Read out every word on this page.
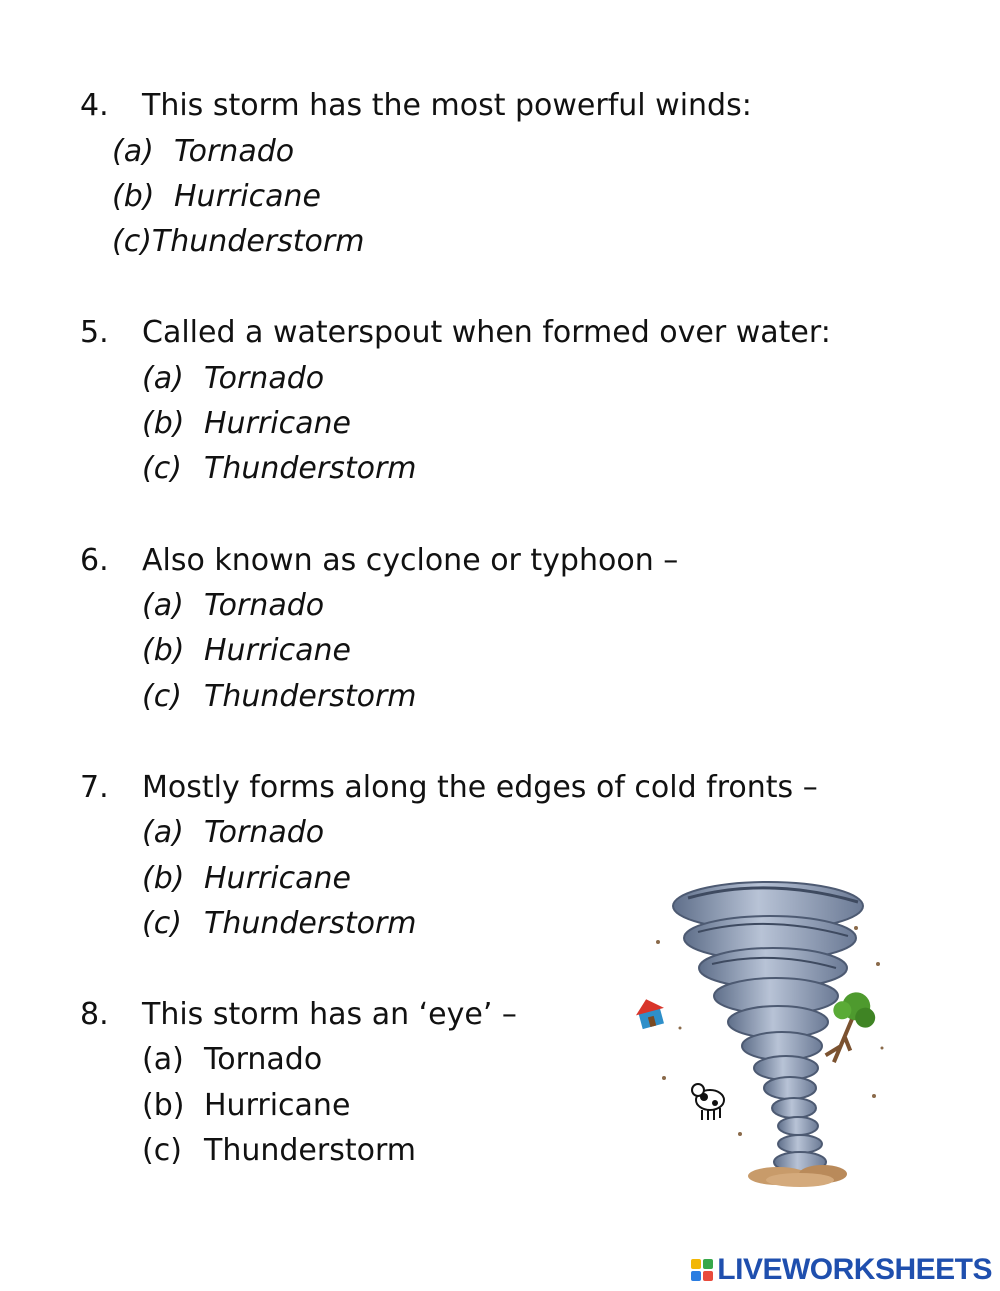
4. This storm has the most powerful winds:
(a) Tornado
(b) Hurricane
(c)Thunderstorm
5. Called a waterspout when formed over water:
(a) Tornado
(b) Hurricane
(c) Thunderstorm
6. Also known as cyclone or typhoon –
(a) Tornado
(b) Hurricane
(c) Thunderstorm
7. Mostly forms along the edges of cold fronts –
(a) Tornado
(b) Hurricane
(c) Thunderstorm
8. This storm has an ‘eye’ –
(a) Tornado
(b) Hurricane
(c) Thunderstorm
LIVEWORKSHEETS
